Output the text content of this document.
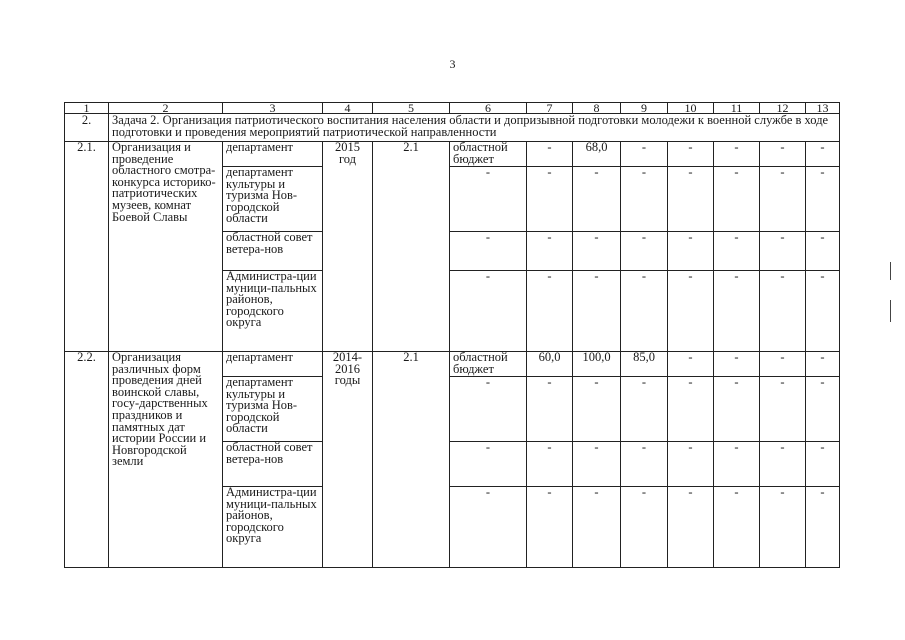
3
1	2	3	4	5	6	7	8	9	10	11	12	13
2.	Задача 2. Организация патриотического воспитания населения области и допризывной подготовки молодежи к военной службе в ходе подготовки и проведения мероприятий патриотической направленности											
2.1.	Организация и проведение областного смотра-конкурса историко-патриотических музеев, комнат Боевой Славы	департамент	2015 год	2.1	областной бюджет	-	68,0	-	-	-	-	-
		департамент культуры и туризма Нов-городской области			-	-	-	-	-	-	-	-
		областной совет ветера-нов			-	-	-	-	-	-	-	-
		Администра-ции муници-пальных районов, городского округа			-	-	-	-	-	-	-	-
2.2.	Организация различных форм проведения дней воинской славы, госу-дарственных праздников и памятных дат истории России и Новгородской земли	департамент	2014-2016 годы	2.1	областной бюджет	60,0	100,0	85,0	-	-	-	-
		департамент культуры и туризма Нов-городской области			-	-	-	-	-	-	-	-
		областной совет ветера-нов			-	-	-	-	-	-	-	-
		Администра-ции муници-пальных районов, городского округа			-	-	-	-	-	-	-	-
